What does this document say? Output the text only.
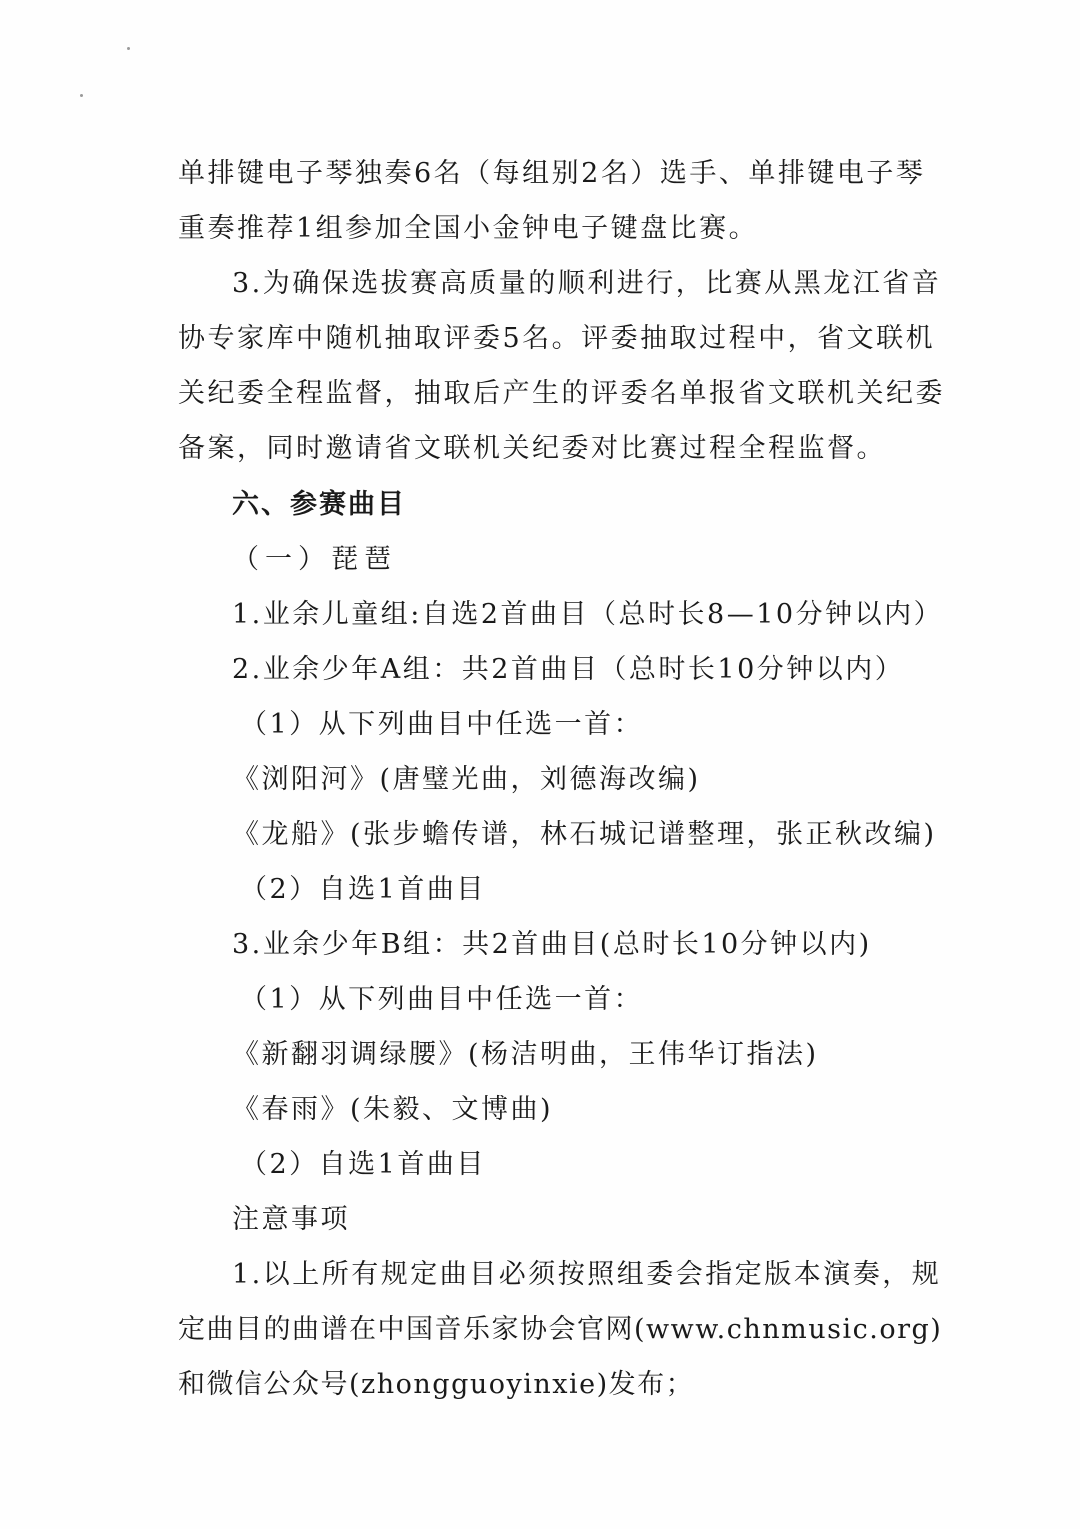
单排键电子琴独奏6名（每组别2名）选手、单排键电子琴
重奏推荐1组参加全国小金钟电子键盘比赛。
3.为确保选拔赛高质量的顺利进行，比赛从黑龙江省音
协专家库中随机抽取评委5名。评委抽取过程中，省文联机
关纪委全程监督，抽取后产生的评委名单报省文联机关纪委
备案，同时邀请省文联机关纪委对比赛过程全程监督。
六、参赛曲目
（一）琵琶
1.业余儿童组:自选2首曲目（总时长8—10分钟以内）
2.业余少年A组：共2首曲目（总时长10分钟以内）
（1）从下列曲目中任选一首：
《浏阳河》(唐璧光曲，刘德海改编)
《龙船》(张步蟾传谱，林石城记谱整理，张正秋改编)
（2）自选1首曲目
3.业余少年B组：共2首曲目(总时长10分钟以内)
（1）从下列曲目中任选一首：
《新翻羽调绿腰》(杨洁明曲，王伟华订指法)
《春雨》(朱毅、文博曲)
（2）自选1首曲目
注意事项
1.以上所有规定曲目必须按照组委会指定版本演奏，规
定曲目的曲谱在中国音乐家协会官网(www.chnmusic.org)
和微信公众号(zhongguoyinxie)发布；
